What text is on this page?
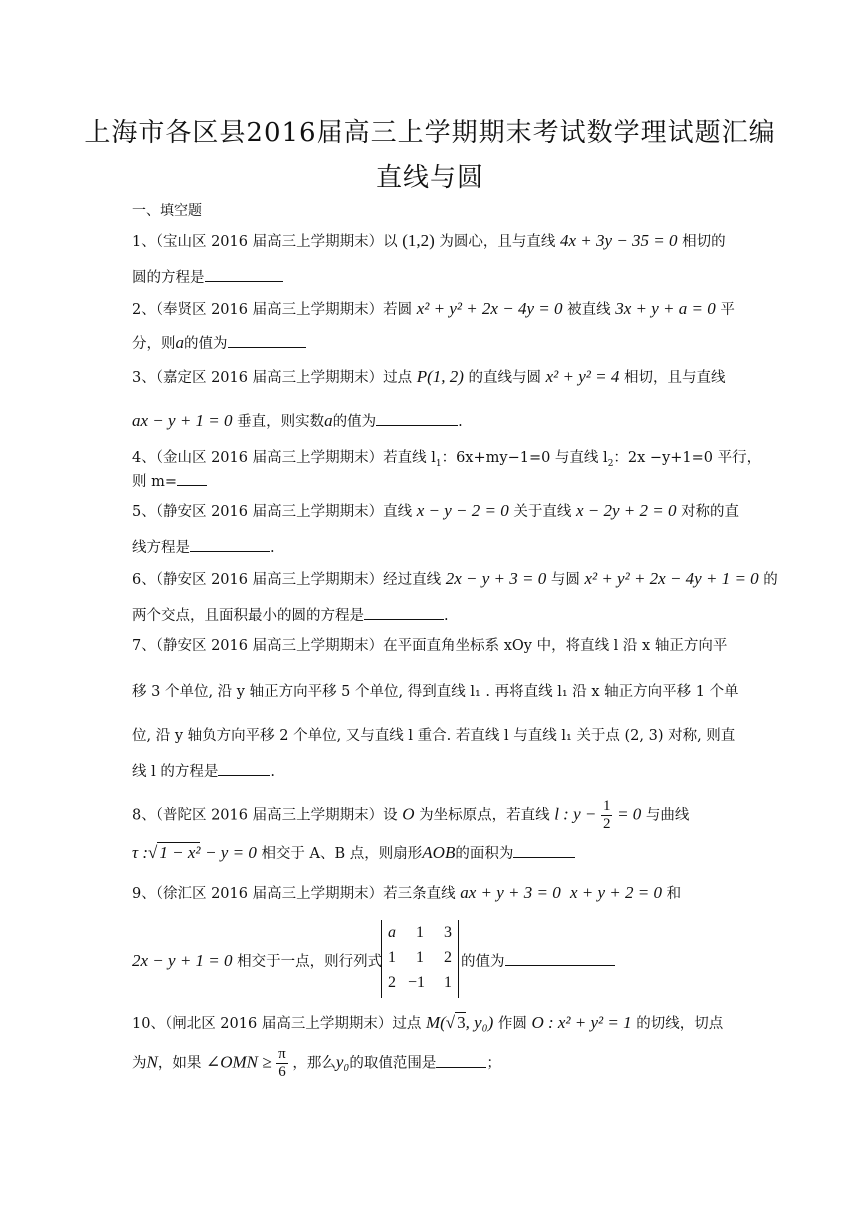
上海市各区县2016届高三上学期期末考试数学理试题汇编
直线与圆
一、填空题
1、（宝山区 2016 届高三上学期期末）以 (1,2) 为圆心，且与直线 4x + 3y − 35 = 0 相切的
圆的方程是
2、（奉贤区 2016 届高三上学期期末）若圆 x² + y² + 2x − 4y = 0 被直线 3x + y + a = 0 平
分，则a的值为
3、（嘉定区 2016 届高三上学期期末）过点 P(1, 2) 的直线与圆 x² + y² = 4 相切，且与直线
ax − y + 1 = 0 垂直，则实数a的值为	.
4、（金山区 2016 届高三上学期期末）若直线 $l_1$：6x+my−1=0 与直线 $l_2$：2x −y+1=0 平行，
则 m=
5、（静安区 2016 届高三上学期期末）直线 x − y − 2 = 0 关于直线 x − 2y + 2 = 0 对称的直
线方程是	.
6、（静安区 2016 届高三上学期期末）经过直线 2x − y + 3 = 0 与圆 x² + y² + 2x − 4y + 1 = 0 的
两个交点，且面积最小的圆的方程是	.
7、（静安区 2016 届高三上学期期末）在平面直角坐标系 xOy 中，将直线 l 沿 x 轴正方向平
移 3 个单位, 沿 y 轴正方向平移 5 个单位, 得到直线 l₁ . 再将直线 l₁ 沿 x 轴正方向平移 1 个单
位, 沿 y 轴负方向平移 2 个单位, 又与直线 l 重合. 若直线 l 与直线 l₁ 关于点 (2, 3) 对称, 则直
线 l 的方程是	.
8、（普陀区 2016 届高三上学期期末）设 O 为坐标原点，若直线 l : $y - \frac{1}{2} = 0$ 与曲线
τ :√ 1 − x² − y = 0 相交于 A、B 点，则扇形AOB的面积为
9、（徐汇区 2016 届高三上学期期末）若三条直线 ax + y + 3 = 0 x + y + 2 = 0 和
2x − y + 1 = 0 相交于一点，则行列式
a 1 3
1 1 2
2 −1 1
的值为
10、（闸北区 2016 届高三上学期期末）过点 M(√ 3, y₀) 作圆 O : x² + y² = 1 的切线，切点
为N，如果 ∠OMN ≥ $\frac{\pi}{6}$ ，那么y₀的取值范围是	；
